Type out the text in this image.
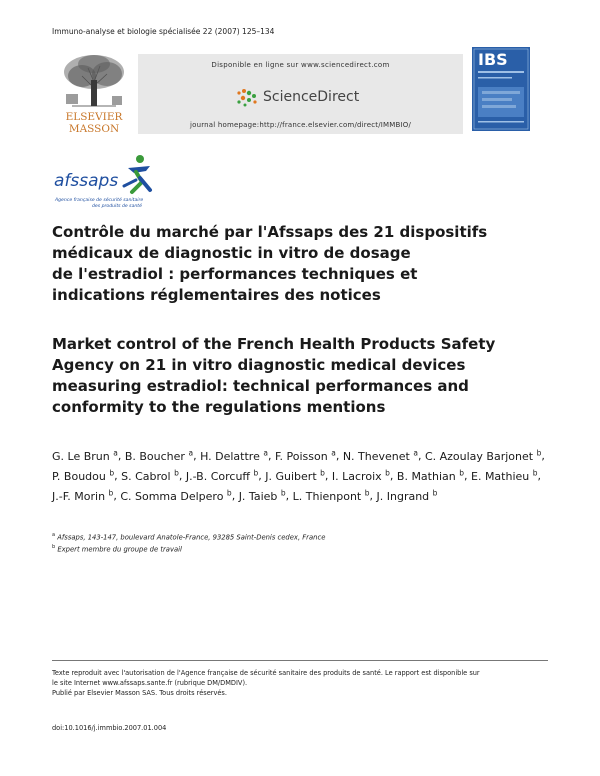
Immuno-analyse et biologie spécialisée 22 (2007) 125–134
ELSEVIER
MASSON
Disponible en ligne sur www.sciencedirect.com
ScienceDirect
journal homepage:http://france.elsevier.com/direct/IMMBIO/
IBS
afssaps
Agence française de sécurité sanitaire
des produits de santé
Contrôle du marché par l'Afssaps des 21 dispositifs
médicaux de diagnostic in vitro de dosage
de l'estradiol : performances techniques et
indications réglementaires des notices
Market control of the French Health Products Safety
Agency on 21 in vitro diagnostic medical devices
measuring estradiol: technical performances and
conformity to the regulations mentions
G. Le Brun $^a$, B. Boucher $^a$, H. Delattre $^a$, F. Poisson $^a$, N. Thevenet $^a$, C. Azoulay Barjonet $^b$, P. Boudou $^b$, S. Cabrol $^b$, J.-B. Corcuff $^b$, J. Guibert $^b$, I. Lacroix $^b$, B. Mathian $^b$, E. Mathieu $^b$, J.-F. Morin $^b$, C. Somma Delpero $^b$, J. Taieb $^b$, L. Thienpont $^b$, J. Ingrand $^b$
$^a$ Afssaps, 143-147, boulevard Anatole-France, 93285 Saint-Denis cedex, France
$^b$ Expert membre du groupe de travail
Texte reproduit avec l'autorisation de l'Agence française de sécurité sanitaire des produits de santé. Le rapport est disponible sur
le site Internet www.afssaps.sante.fr (rubrique DM/DMDIV).
Publié par Elsevier Masson SAS. Tous droits réservés.
doi:10.1016/j.immbio.2007.01.004
